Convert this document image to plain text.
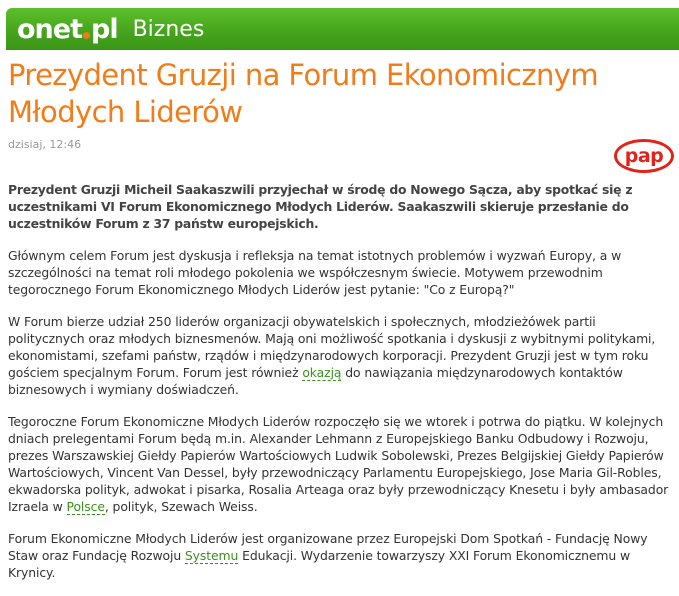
onet pl Biznes
Prezydent Gruzji na Forum Ekonomicznym Młodych Liderów
dzisiaj, 12:46
pap

Prezydent Gruzji Micheil Saakaszwili przyjechał w środę do Nowego Sącza, aby spotkać się z uczestnikami VI Forum Ekonomicznego Młodych Liderów. Saakaszwili skieruje przesłanie do uczestników Forum z 37 państw europejskich.

Głównym celem Forum jest dyskusja i refleksja na temat istotnych problemów i wyzwań Europy, a w szczególności na temat roli młodego pokolenia we współczesnym świecie. Motywem przewodnim tegorocznego Forum Ekonomicznego Młodych Liderów jest pytanie: "Co z Europą?"

W Forum bierze udział 250 liderów organizacji obywatelskich i społecznych, młodzieżówek partii politycznych oraz młodych biznesmenów. Mają oni możliwość spotkania i dyskusji z wybitnymi politykami, ekonomistami, szefami państw, rządów i międzynarodowych korporacji. Prezydent Gruzji jest w tym roku gościem specjalnym Forum. Forum jest również okazją do nawiązania międzynarodowych kontaktów biznesowych i wymiany doświadczeń.

Tegoroczne Forum Ekonomiczne Młodych Liderów rozpoczęło się we wtorek i potrwa do piątku. W kolejnych dniach prelegentami Forum będą m.in. Alexander Lehmann z Europejskiego Banku Odbudowy i Rozwoju, prezes Warszawskiej Giełdy Papierów Wartościowych Ludwik Sobolewski, Prezes Belgijskiej Giełdy Papierów Wartościowych, Vincent Van Dessel, były przewodniczący Parlamentu Europejskiego, Jose Maria Gil-Robles, ekwadorska polityk, adwokat i pisarka, Rosalia Arteaga oraz były przewodniczący Knesetu i były ambasador Izraela w Polsce, polityk, Szewach Weiss.

Forum Ekonomiczne Młodych Liderów jest organizowane przez Europejski Dom Spotkań - Fundację Nowy Staw oraz Fundację Rozwoju Systemu Edukacji. Wydarzenie towarzyszy XXI Forum Ekonomicznemu w Krynicy.
